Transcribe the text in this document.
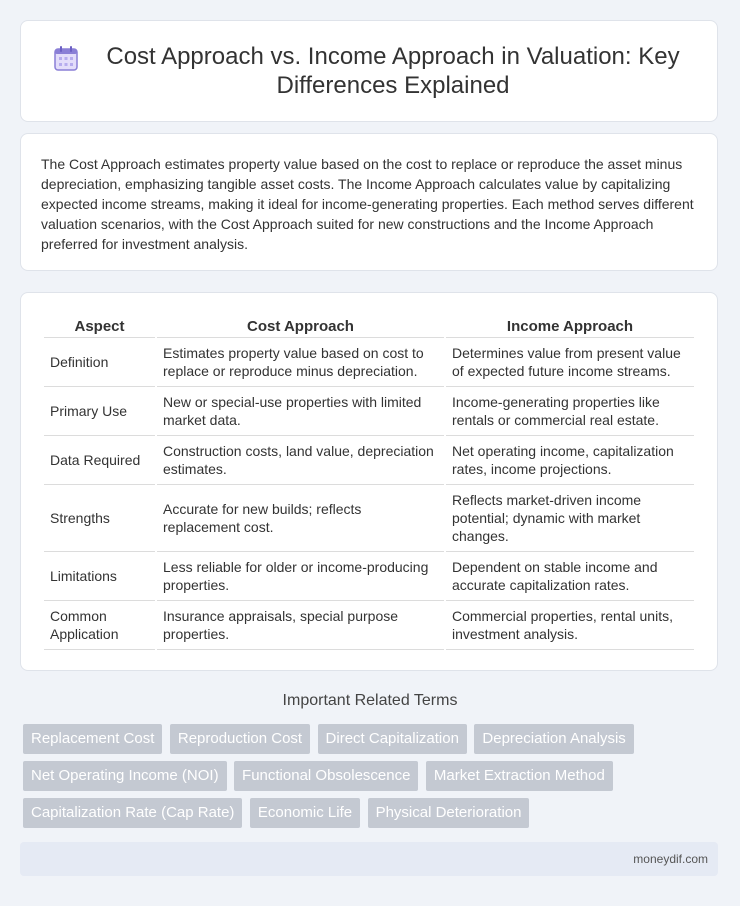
Cost Approach vs. Income Approach in Valuation: Key Differences Explained

The Cost Approach estimates property value based on the cost to replace or reproduce the asset minus depreciation, emphasizing tangible asset costs. The Income Approach calculates value by capitalizing expected income streams, making it ideal for income-generating properties. Each method serves different valuation scenarios, with the Cost Approach suited for new constructions and the Income Approach preferred for investment analysis.

Aspect	Cost Approach	Income Approach
Definition	Estimates property value based on cost to replace or reproduce minus depreciation.	Determines value from present value of expected future income streams.
Primary Use	New or special-use properties with limited market data.	Income-generating properties like rentals or commercial real estate.
Data Required	Construction costs, land value, depreciation estimates.	Net operating income, capitalization rates, income projections.
Strengths	Accurate for new builds; reflects replacement cost.	Reflects market-driven income potential; dynamic with market changes.
Limitations	Less reliable for older or income-producing properties.	Dependent on stable income and accurate capitalization rates.
Common Application	Insurance appraisals, special purpose properties.	Commercial properties, rental units, investment analysis.
Important Related Terms
Replacement Cost Reproduction Cost Direct Capitalization Depreciation Analysis Net Operating Income (NOI) Functional Obsolescence Market Extraction Method Capitalization Rate (Cap Rate) Economic Life Physical Deterioration
moneydif.com
